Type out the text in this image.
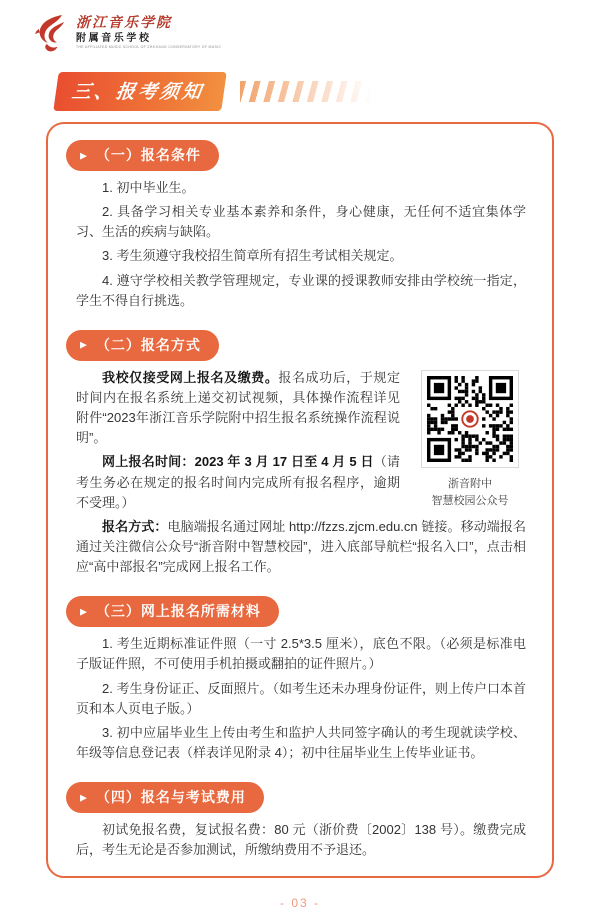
浙江音乐学院
附属音乐学校
THE AFFILIATED MUSIC SCHOOL OF ZHEJIANG CONSERVATORY OF MUSIC
三、报考须知
▶ （一）报名条件

1. 初中毕业生。

2. 具备学习相关专业基本素养和条件，身心健康，无任何不适宜集体学习、生活的疾病与缺陷。

3. 考生须遵守我校招生简章所有招生考试相关规定。

4. 遵守学校相关教学管理规定，专业课的授课教师安排由学校统一指定，学生不得自行挑选。

▶ （二）报名方式
浙音附中
智慧校园公众号

我校仅接受网上报名及缴费。报名成功后，于规定时间内在报名系统上递交初试视频，具体操作流程详见附件“2023年浙江音乐学院附中招生报名系统操作流程说明”。

网上报名时间：2023 年 3 月 17 日至 4 月 5 日（请考生务必在规定的报名时间内完成所有报名程序，逾期不受理。）

报名方式：电脑端报名通过网址 http://fzzs.zjcm.edu.cn 链接。移动端报名通过关注微信公众号“浙音附中智慧校园”，进入底部导航栏“报名入口”，点击相应“高中部报名”完成网上报名工作。

▶ （三）网上报名所需材料

1. 考生近期标准证件照（一寸 2.5*3.5 厘米），底色不限。（必须是标准电子版证件照，不可使用手机拍摄或翻拍的证件照片。）

2. 考生身份证正、反面照片。（如考生还未办理身份证件，则上传户口本首页和本人页电子版。）

3. 初中应届毕业生上传由考生和监护人共同签字确认的考生现就读学校、年级等信息登记表（样表详见附录 4）；初中往届毕业生上传毕业证书。

▶ （四）报名与考试费用

初试免报名费，复试报名费：80 元（浙价费〔2002〕138 号）。缴费完成后，考生无论是否参加测试，所缴纳费用不予退还。

- 03 -
